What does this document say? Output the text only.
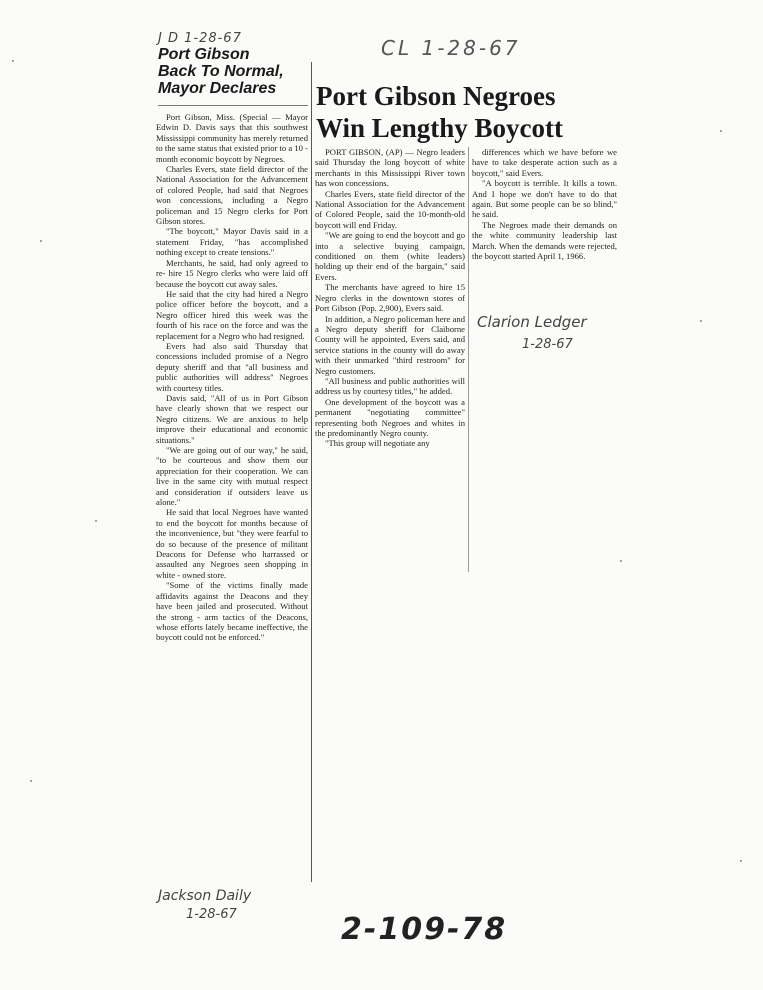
J D 1-28-67
Port Gibson
Back To Normal,
Mayor Declares

Port Gibson, Miss. (Special — Mayor Edwin D. Davis says that this southwest Mississippi community has merely returned to the same status that existed prior to a 10 - month economic boycott by Negroes.

Charles Evers, state field director of the National Association for the Advancement of colored People, had said that Negroes won concessions, including a Negro policeman and 15 Negro clerks for Port Gibson stores.

"The boycott," Mayor Davis said in a statement Friday, "has accomplished nothing except to create tensions."

Merchants, he said, had only agreed to re- hire 15 Negro clerks who were laid off because the boycott cut away sales.

He said that the city had hired a Negro police officer before the boycott, and a Negro officer hired this week was the fourth of his race on the force and was the replacement for a Negro who had resigned.

Evers had also said Thursday that concessions included promise of a Negro deputy sheriff and that "all business and public authorities will address" Negroes with courtesy titles.

Davis said, "All of us in Port Gibson have clearly shown that we respect our Negro citizens. We are anxious to help improve their educational and economic situations."

"We are going out of our way," he said, "to be courteous and show them our appreciation for their cooperation. We can live in the same city with mutual respect and consideration if outsiders leave us alone."

He said that local Negroes have wanted to end the boycott for months because of the inconvenience, but "they were fearful to do so because of the presence of militant Deacons for Defense who harrassed or assaulted any Negroes seen shopping in white - owned store.

"Some of the victims finally made affidavits against the Deacons and they have been jailed and prosecuted. Without the strong - arm tactics of the Deacons, whose efforts lately became ineffective, the boycott could not be enforced."

Jackson Daily
1-28-67
CL 1-28-67
Port Gibson Negroes
Win Lengthy Boycott

PORT GIBSON, (AP) — Negro leaders said Thursday the long boycott of white merchants in this Mississippi River town has won concessions.

Charles Evers, state field director of the National Association for the Advancement of Colored People, said the 10-month-old boycott will end Friday.

"We are going to end the boycott and go into a selective buying campaign, conditioned on them (white leaders) holding up their end of the bargain," said Evers.

The merchants have agreed to hire 15 Negro clerks in the downtown stores of Port Gibson (Pop. 2,900), Evers said.

In addition, a Negro policeman here and a Negro deputy sheriff for Claiborne County will be appointed, Evers said, and service stations in the county will do away with their unmarked "third restroom" for Negro customers.

"All business and public authorities will address us by courtesy titles," he added.

One development of the boycott was a permanent "negotiating committee" representing both Negroes and whites in the predominantly Negro county.

"This group will negotiate any

differences which we have before we have to take desperate action such as a boycott," said Evers.

"A boycott is terrible. It kills a town. And I hope we don't have to do that again. But some people can be so blind," he said.

The Negroes made their demands on the white community leadership last March. When the demands were rejected, the boycott started April 1, 1966.

Clarion Ledger
1-28-67
2-109-78
